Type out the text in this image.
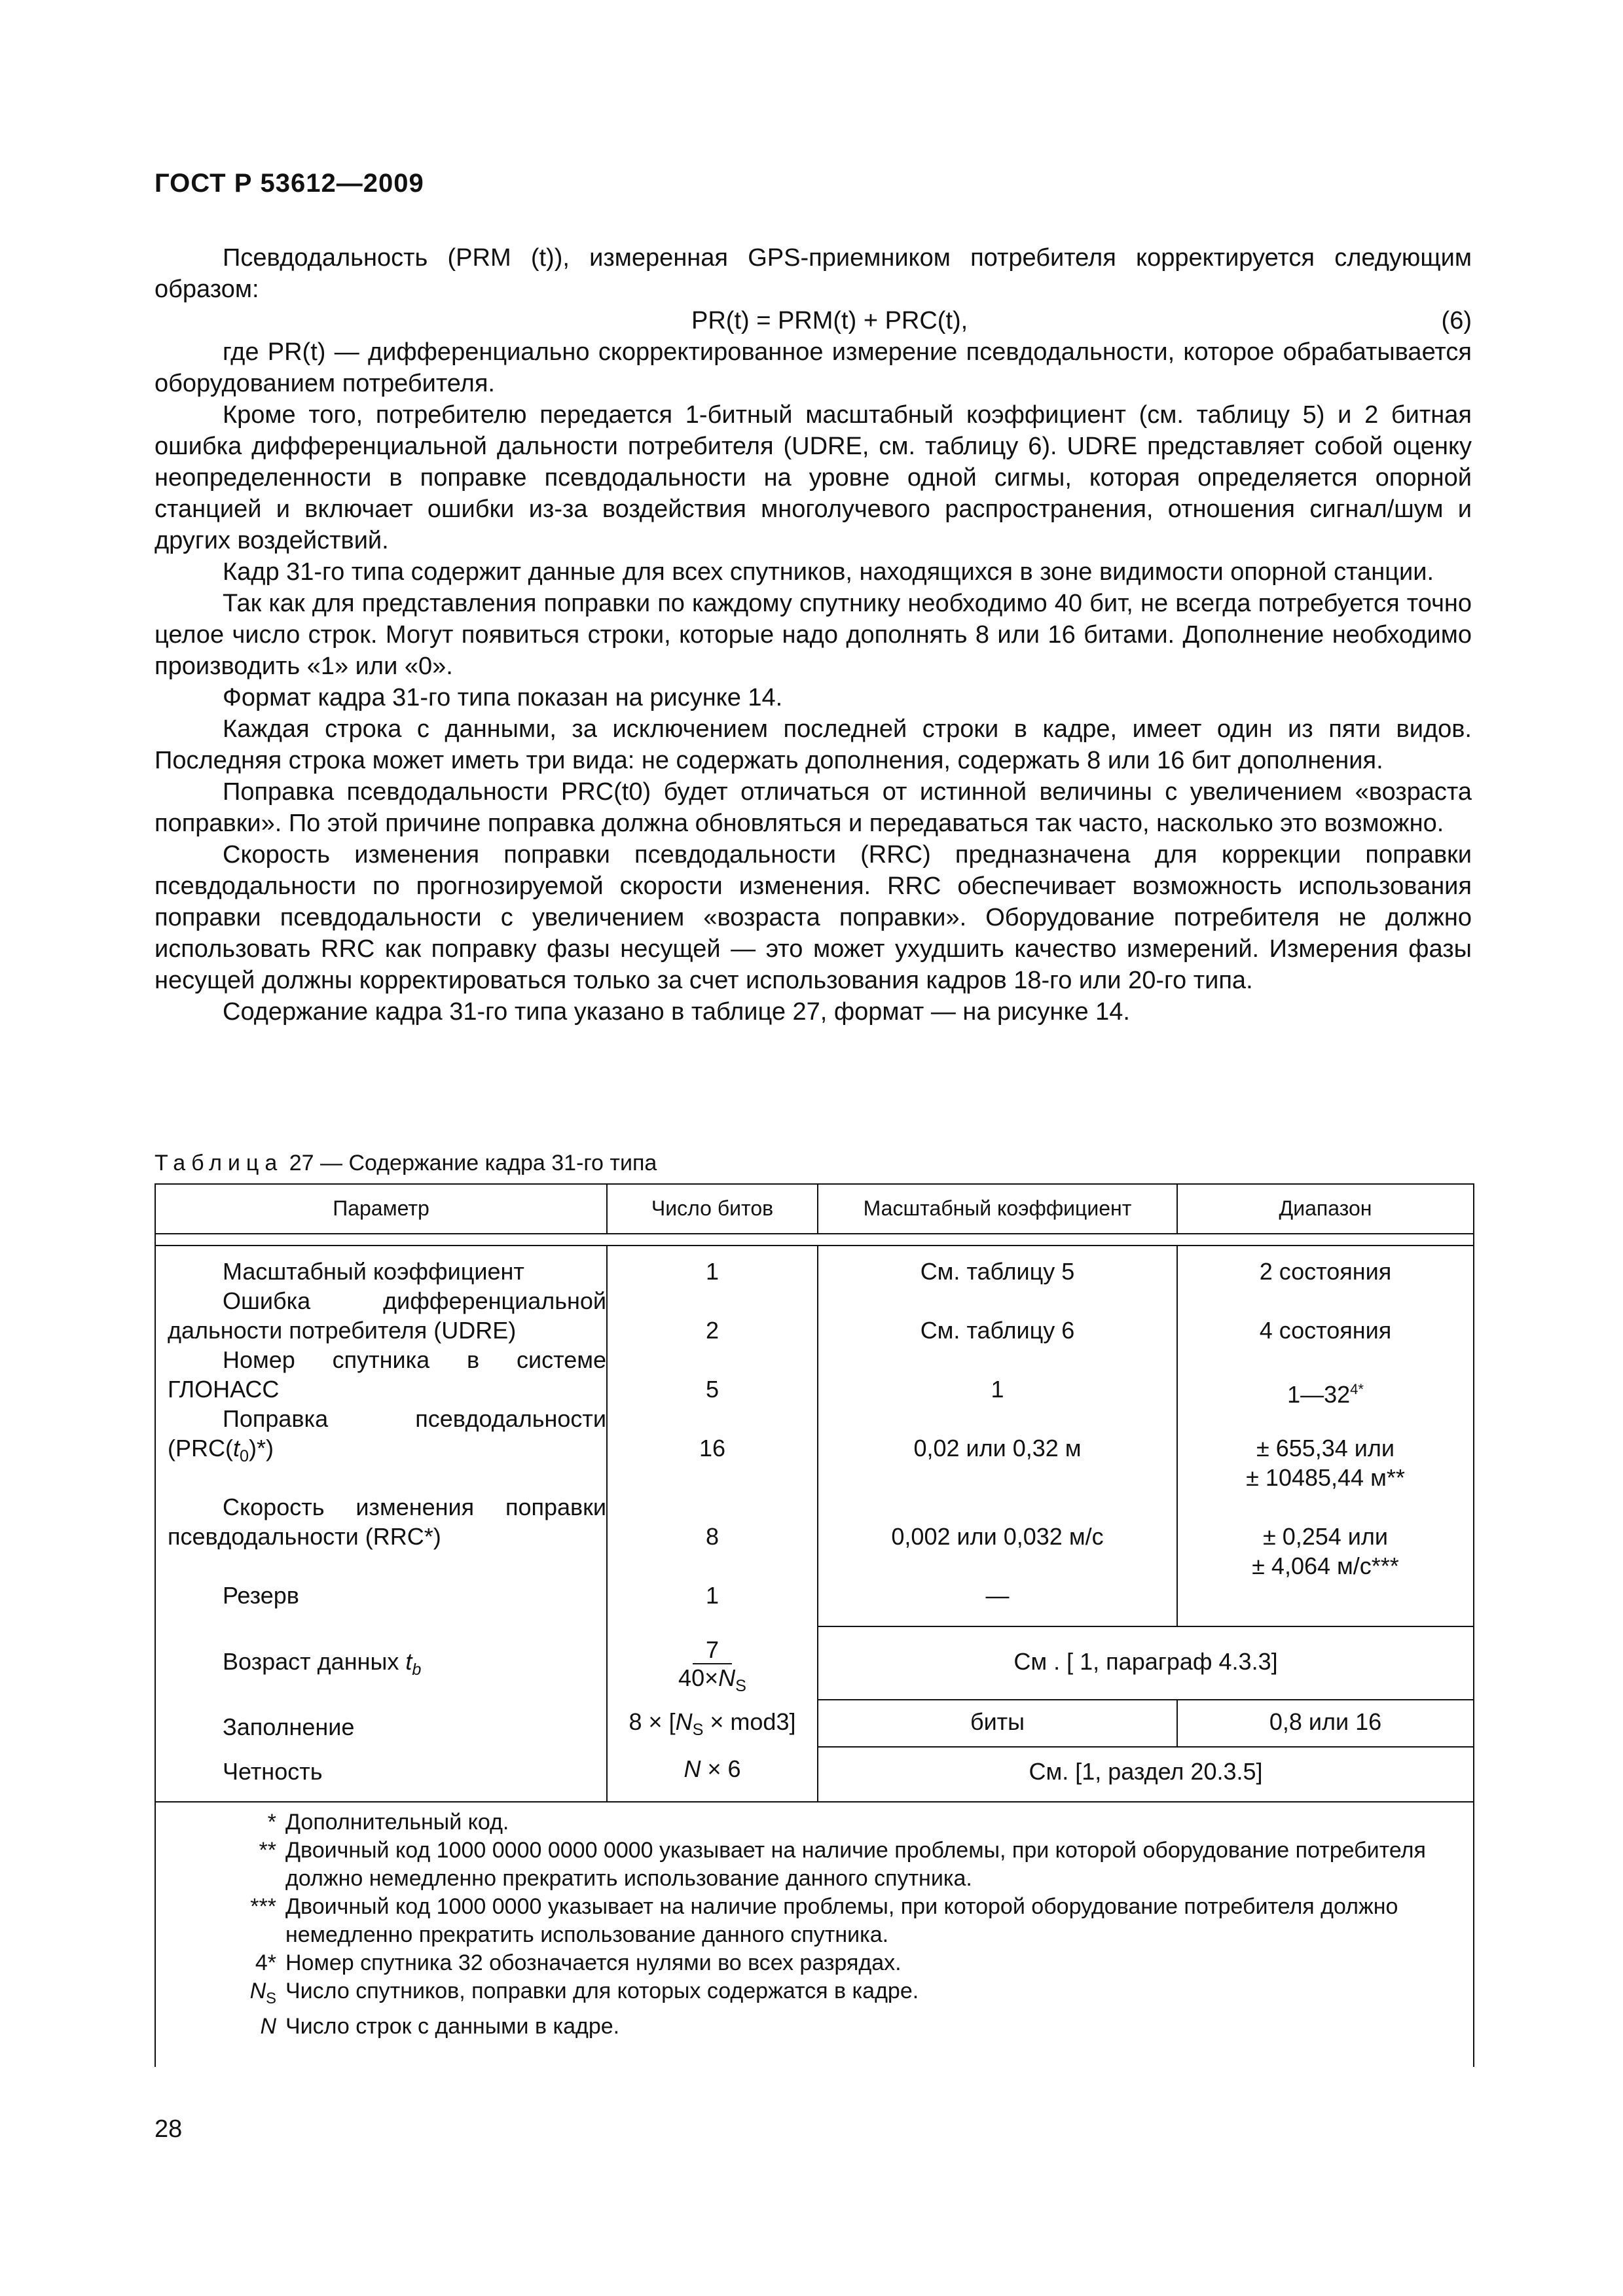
ГОСТ Р 53612—2009

Псевдодальность (PRM (t)), измеренная GPS-приемником потребителя корректируется следующим образом:

PR(t) = PRM(t) + PRC(t),	(6)

где PR(t) — дифференциально скорректированное измерение псевдодальности, которое обрабатывается оборудованием потребителя.

Кроме того, потребителю передается 1-битный масштабный коэффициент (см. таблицу 5) и 2 битная ошибка дифференциальной дальности потребителя (UDRE, см. таблицу 6). UDRE представляет собой оценку неопределенности в поправке псевдодальности на уровне одной сигмы, которая определяется опорной станцией и включает ошибки из-за воздействия многолучевого распространения, отношения сигнал/шум и других воздействий.

Кадр 31-го типа содержит данные для всех спутников, находящихся в зоне видимости опорной станции.

Так как для представления поправки по каждому спутнику необходимо 40 бит, не всегда потребуется точно целое число строк. Могут появиться строки, которые надо дополнять 8 или 16 битами. Дополнение необходимо производить «1» или «0».

Формат кадра 31-го типа показан на рисунке 14.

Каждая строка с данными, за исключением последней строки в кадре, имеет один из пяти видов. Последняя строка может иметь три вида: не содержать дополнения, содержать 8 или 16 бит дополнения.

Поправка псевдодальности PRC(t0) будет отличаться от истинной величины с увеличением «возраста поправки». По этой причине поправка должна обновляться и передаваться так часто, насколько это возможно.

Скорость изменения поправки псевдодальности (RRC) предназначена для коррекции поправки псевдодальности по прогнозируемой скорости изменения. RRC обеспечивает возможность использования поправки псевдодальности с увеличением «возраста поправки». Оборудование потребителя не должно использовать RRC как поправку фазы несущей — это может ухудшить качество измерений. Измерения фазы несущей должны корректироваться только за счет использования кадров 18-го или 20-го типа.

Содержание кадра 31-го типа указано в таблице 27, формат — на рисунке 14.

Таблица 27 — Содержание кадра 31-го типа
Параметр	Число битов	Масштабный коэффициент	Диапазон
Масштабный коэффициент	1	См. таблицу 5	2 состояния
Ошибка дифференциальной
дальности потребителя (UDRE)	2	См. таблицу 6	4 состояния
Номер спутника в системе
ГЛОНАСС	5	1	$1—32^{4*}$
Поправка псевдодальности
$(PRC(t_0)*)$	16	0,02 или 0,32 м	± 655,34 или
± 10485,44 м**
Скорость изменения поправки
псевдодальности (RRC*)	8	0,002 или 0,032 м/с	± 0,254 или
± 4,064 м/с***
Резерв	1	—
Возраст данных $t_b$	$\frac{7}{40\times N_S}$	См . [ 1, параграф 4.3.3]
Заполнение	$8 \times [N_S \times mod3]$	биты	0,8 или 16
Четность	N × 6	См. [1, раздел 20.3.5]
* Дополнительный код.
** Двоичный код 1000 0000 0000 0000 указывает на наличие проблемы, при которой оборудование потребителя должно немедленно прекратить использование данного спутника.
*** Двоичный код 1000 0000 указывает на наличие проблемы, при которой оборудование потребителя должно немедленно прекратить использование данного спутника.
4* Номер спутника 32 обозначается нулями во всех разрядах.
$N_S$ Число спутников, поправки для которых содержатся в кадре.
N Число строк с данными в кадре.
28
